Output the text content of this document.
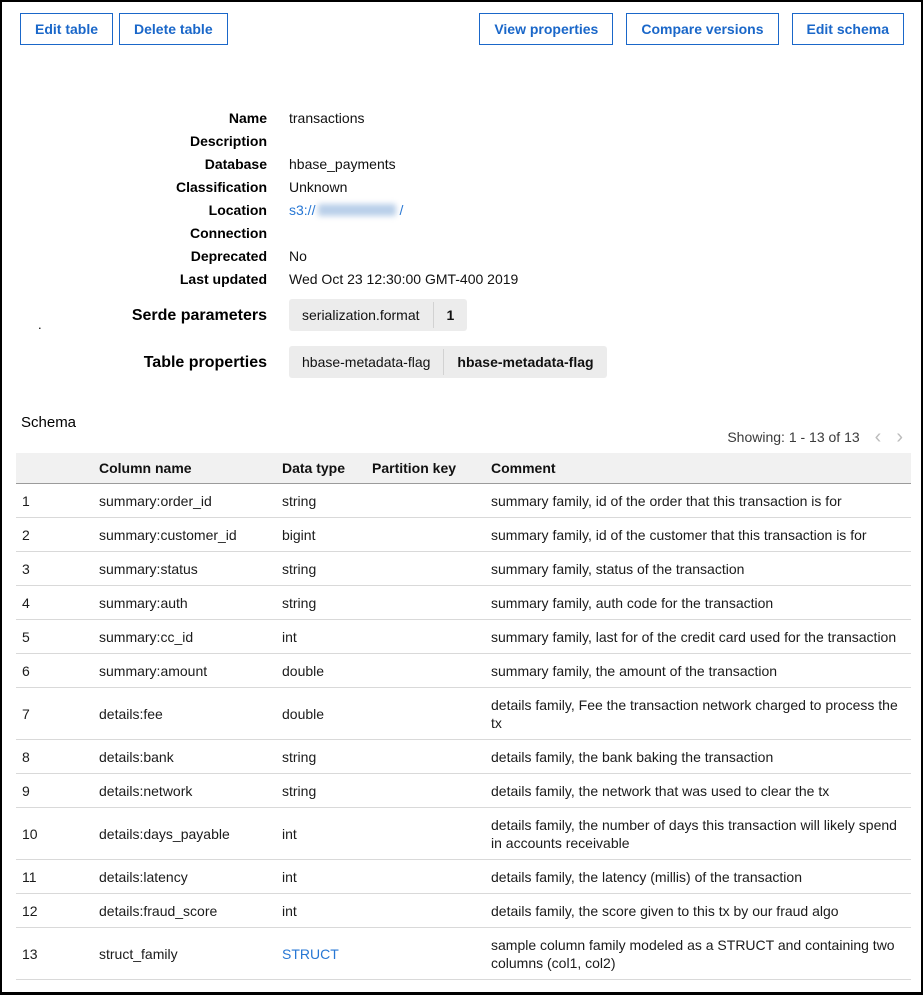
Edit table	Delete table	View properties	Compare versions	Edit schema
Name transactions
Description
Database hbase_payments
Classification Unknown
Location s3://	/
Connection
Deprecated No
Last updated Wed Oct 23 12:30:00 GMT-400 2019
Serde parameters	serialization.format	1
Table properties	hbase-metadata-flag	hbase-metadata-flag
.
Schema
Showing: 1 - 13 of 13 ‹ ›
	Column name	Data type	Partition key	Comment
1	summary:order_id	string		summary family, id of the order that this transaction is for
2	summary:customer_id	bigint		summary family, id of the customer that this transaction is for
3	summary:status	string		summary family, status of the transaction
4	summary:auth	string		summary family, auth code for the transaction
5	summary:cc_id	int		summary family, last for of the credit card used for the transaction
6	summary:amount	double		summary family, the amount of the transaction
7	details:fee	double		details family, Fee the transaction network charged to process the tx
8	details:bank	string		details family, the bank baking the transaction
9	details:network	string		details family, the network that was used to clear the tx
10	details:days_payable	int		details family, the number of days this transaction will likely spend in accounts receivable
11	details:latency	int		details family, the latency (millis) of the transaction
12	details:fraud_score	int		details family, the score given to this tx by our fraud algo
13	struct_family	STRUCT		sample column family modeled as a STRUCT and containing two columns (col1, col2)
